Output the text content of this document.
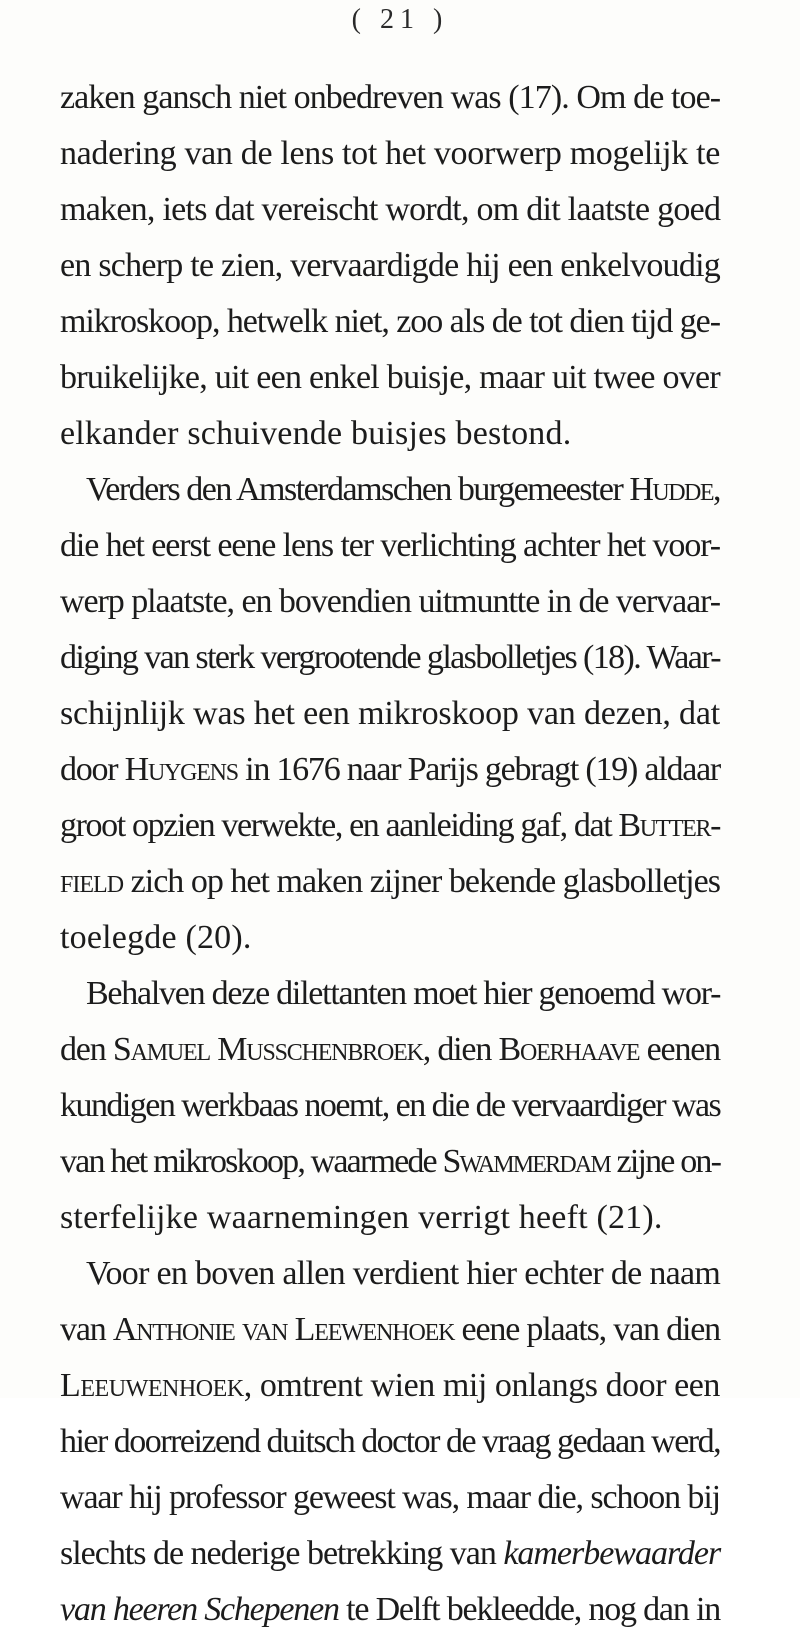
( 21 )
zaken gansch niet onbedreven was (17). Om de toe-
nadering van de lens tot het voorwerp mogelijk te
maken, iets dat vereischt wordt, om dit laatste goed
en scherp te zien, vervaardigde hij een enkelvoudig
mikroskoop, hetwelk niet, zoo als de tot dien tijd ge-
bruikelijke, uit een enkel buisje, maar uit twee over
elkander schuivende buisjes bestond.
Verders den Amsterdamschen burgemeester Hudde,
die het eerst eene lens ter verlichting achter het voor-
werp plaatste, en bovendien uitmuntte in de vervaar-
diging van sterk vergrootende glasbolletjes (18). Waar-
schijnlijk was het een mikroskoop van dezen, dat
door Huygens in 1676 naar Parijs gebragt (19) aldaar
groot opzien verwekte, en aanleiding gaf, dat Butter-
field zich op het maken zijner bekende glasbolletjes
toelegde (20).
Behalven deze dilettanten moet hier genoemd wor-
den Samuel Musschenbroek, dien Boerhaave eenen
kundigen werkbaas noemt, en die de vervaardiger was
van het mikroskoop, waarmede Swammerdam zijne on-
sterfelijke waarnemingen verrigt heeft (21).
Voor en boven allen verdient hier echter de naam
van Anthonie van Leewenhoek eene plaats, van dien
Leeuwenhoek, omtrent wien mij onlangs door een
hier doorreizend duitsch doctor de vraag gedaan werd,
waar hij professor geweest was, maar die, schoon bij
slechts de nederige betrekking van kamerbewaarder
van heeren Schepenen te Delft bekleedde, nog dan in
